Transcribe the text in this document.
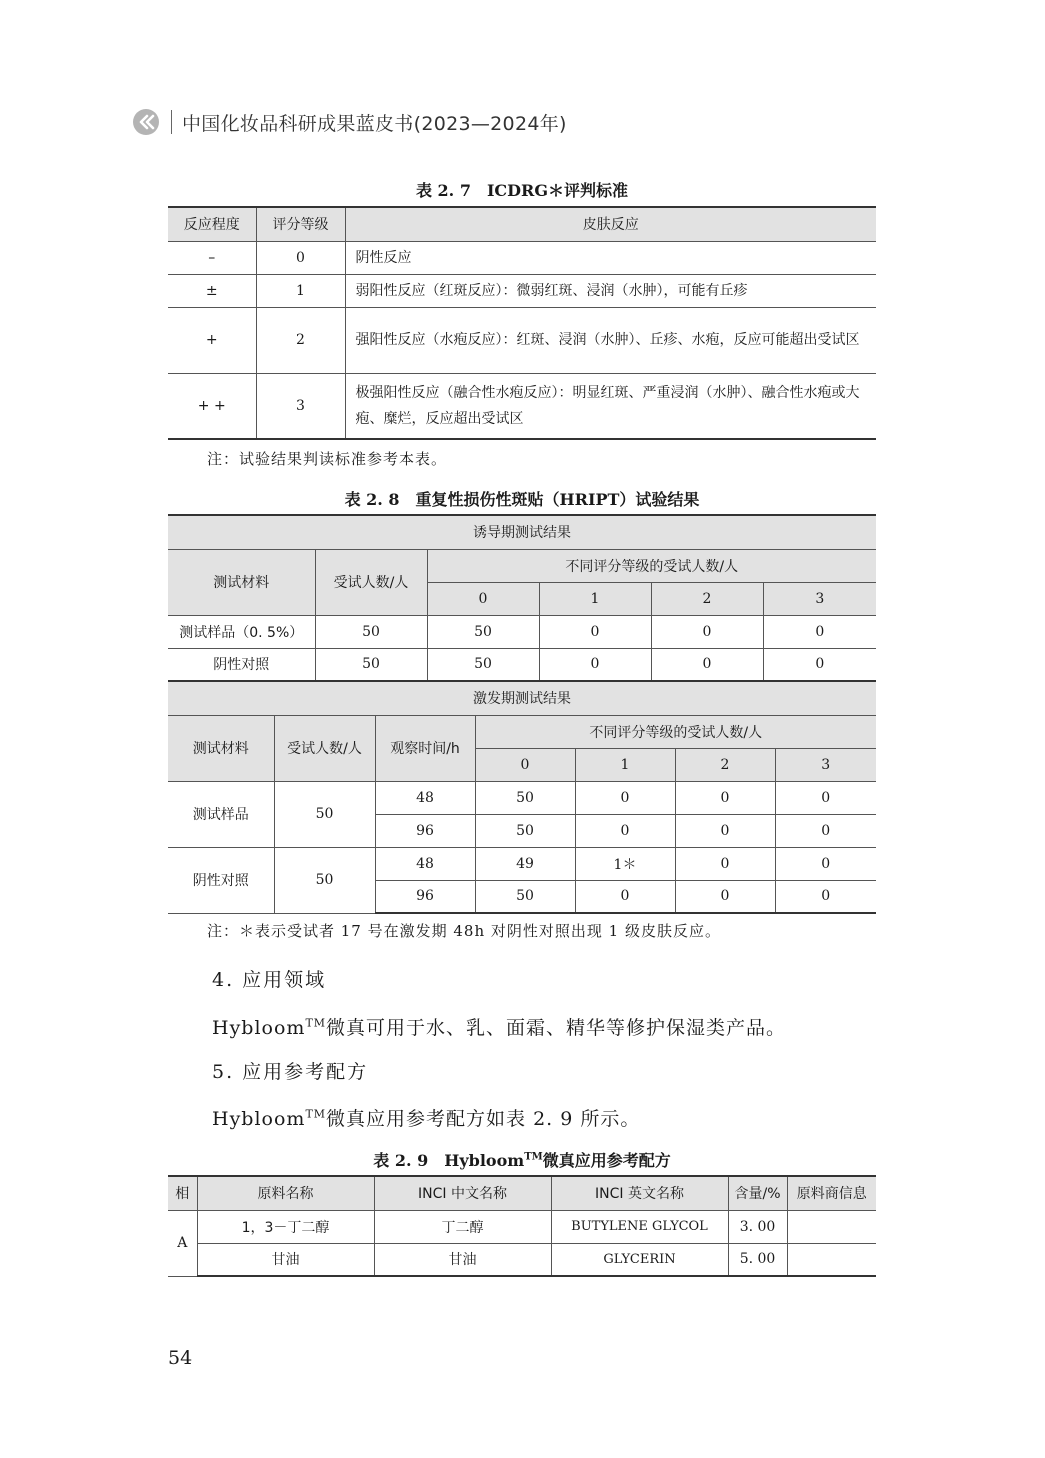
中国化妆品科研成果蓝皮书(2023—2024年)
表 2. 7　ICDRG＊评判标准
反应程度	评分等级	皮肤反应
–	0	阴性反应
±	1	弱阳性反应（红斑反应）：微弱红斑、浸润（水肿），可能有丘疹
+	2	强阳性反应（水疱反应）：红斑、浸润（水肿）、丘疹、水疱，反应可能超出受试区
+ +	3	极强阳性反应（融合性水疱反应）：明显红斑、严重浸润（水肿）、融合性水疱或大疱、糜烂，反应超出受试区
注：试验结果判读标准参考本表。
表 2. 8　重复性损伤性斑贴（HRIPT）试验结果
诱导期测试结果					
测试材料	受试人数/人	不同评分等级的受试人数/人			
		0	1	2	3
测试样品（0. 5%）	50	50	0	0	0
阴性对照	50	50	0	0	0
激发期测试结果						
测试材料	受试人数/人	观察时间/h	不同评分等级的受试人数/人			
			0	1	2	3
测试样品	50	48	50	0	0	0
		96	50	0	0	0
阴性对照	50	48	49	1＊	0	0
		96	50	0	0	0
注：＊表示受试者 17 号在激发期 48h 对阴性对照出现 1 级皮肤反应。
4. 应用领域
Hybloom™微真可用于水、乳、面霜、精华等修护保湿类产品。
5. 应用参考配方
Hybloom™微真应用参考配方如表 2. 9 所示。
表 2. 9　Hybloom™微真应用参考配方
相	原料名称	INCI 中文名称	INCI 英文名称	含量/%	原料商信息
A	1，3－丁二醇	丁二醇	BUTYLENE GLYCOL	3. 00	
	甘油	甘油	GLYCERIN	5. 00	
54
